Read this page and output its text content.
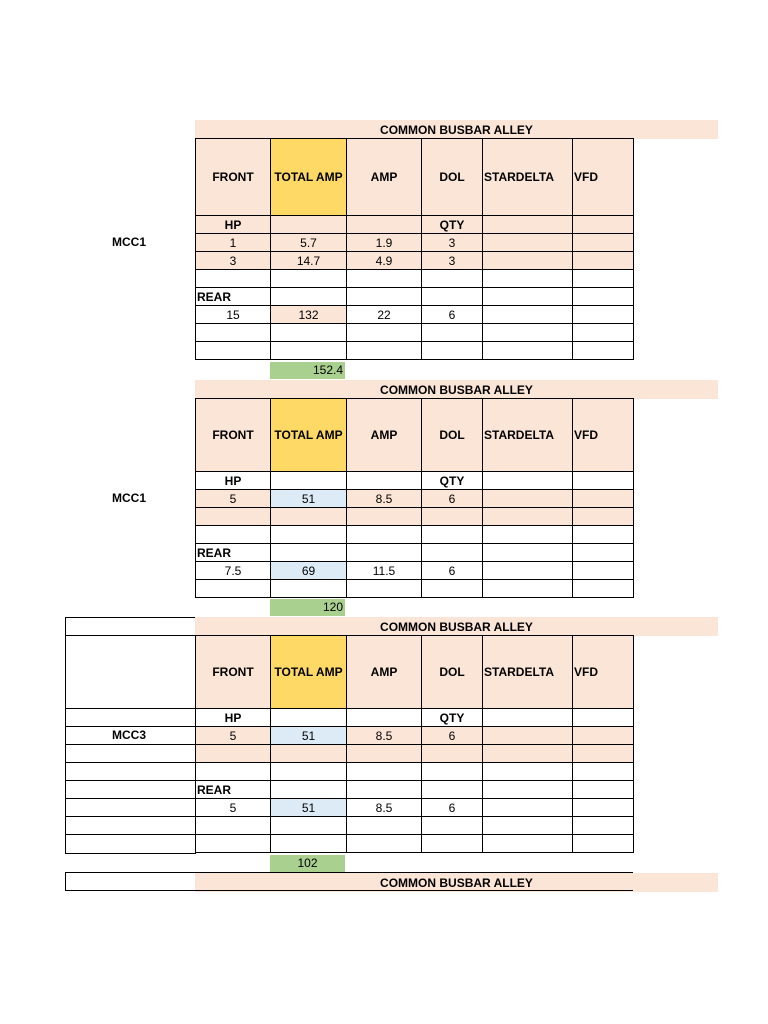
COMMON BUSBAR ALLEY
MCC1
FRONT	TOTAL AMP	AMP	DOL	STARDELTA	VFD
HP			QTY		
1	5.7	1.9	3		
3	14.7	4.9	3		

REAR					
15	132	22	6		

152.4
COMMON BUSBAR ALLEY
MCC1
FRONT	TOTAL AMP	AMP	DOL	STARDELTA	VFD
HP			QTY		
5	51	8.5	6		

REAR					
7.5	69	11.5	6		

120
COMMON BUSBAR ALLEY
MCC3
FRONT	TOTAL AMP	AMP	DOL	STARDELTA	VFD
HP			QTY		
5	51	8.5	6		

REAR					
5	51	8.5	6		

102
COMMON BUSBAR ALLEY
